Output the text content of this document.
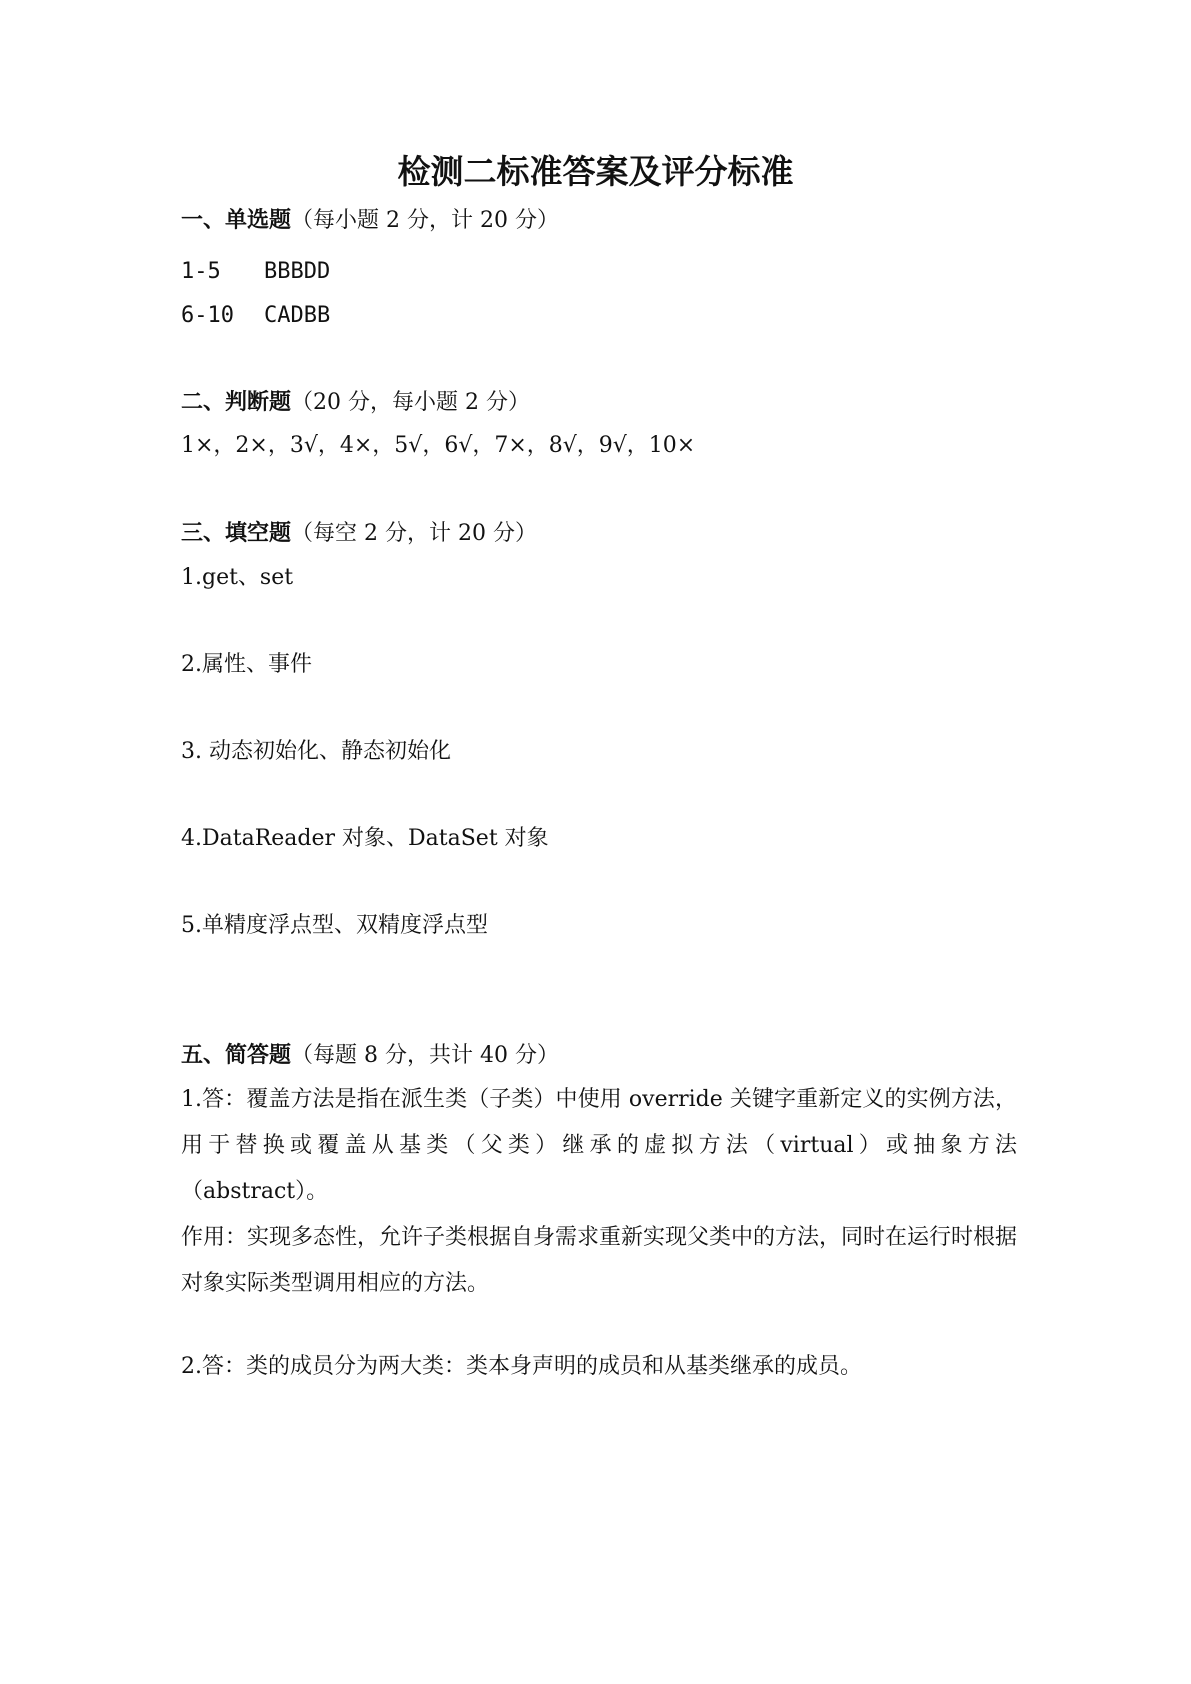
检测二标准答案及评分标准
一、单选题（每小题 2 分，计 20 分）
1-5 BBBDD
6-10 CADBB
二、判断题（20 分，每小题 2 分）
1×，2×，3√，4×，5√，6√，7×，8√，9√，10×
三、填空题（每空 2 分，计 20 分）
1.get、set
2.属性、事件
3. 动态初始化、静态初始化
4.DataReader 对象、DataSet 对象
5.单精度浮点型、双精度浮点型
五、简答题（每题 8 分，共计 40 分）
1.答：覆盖方法是指在派生类（子类）中使用 override 关键字重新定义的实例方法，用于替换或覆盖从基类（父类）继承的虚拟方法（virtual）或抽象方法（abstract）。
作用：实现多态性，允许子类根据自身需求重新实现父类中的方法，同时在运行时根据对象实际类型调用相应的方法。
2.答：类的成员分为两大类：类本身声明的成员和从基类继承的成员。
